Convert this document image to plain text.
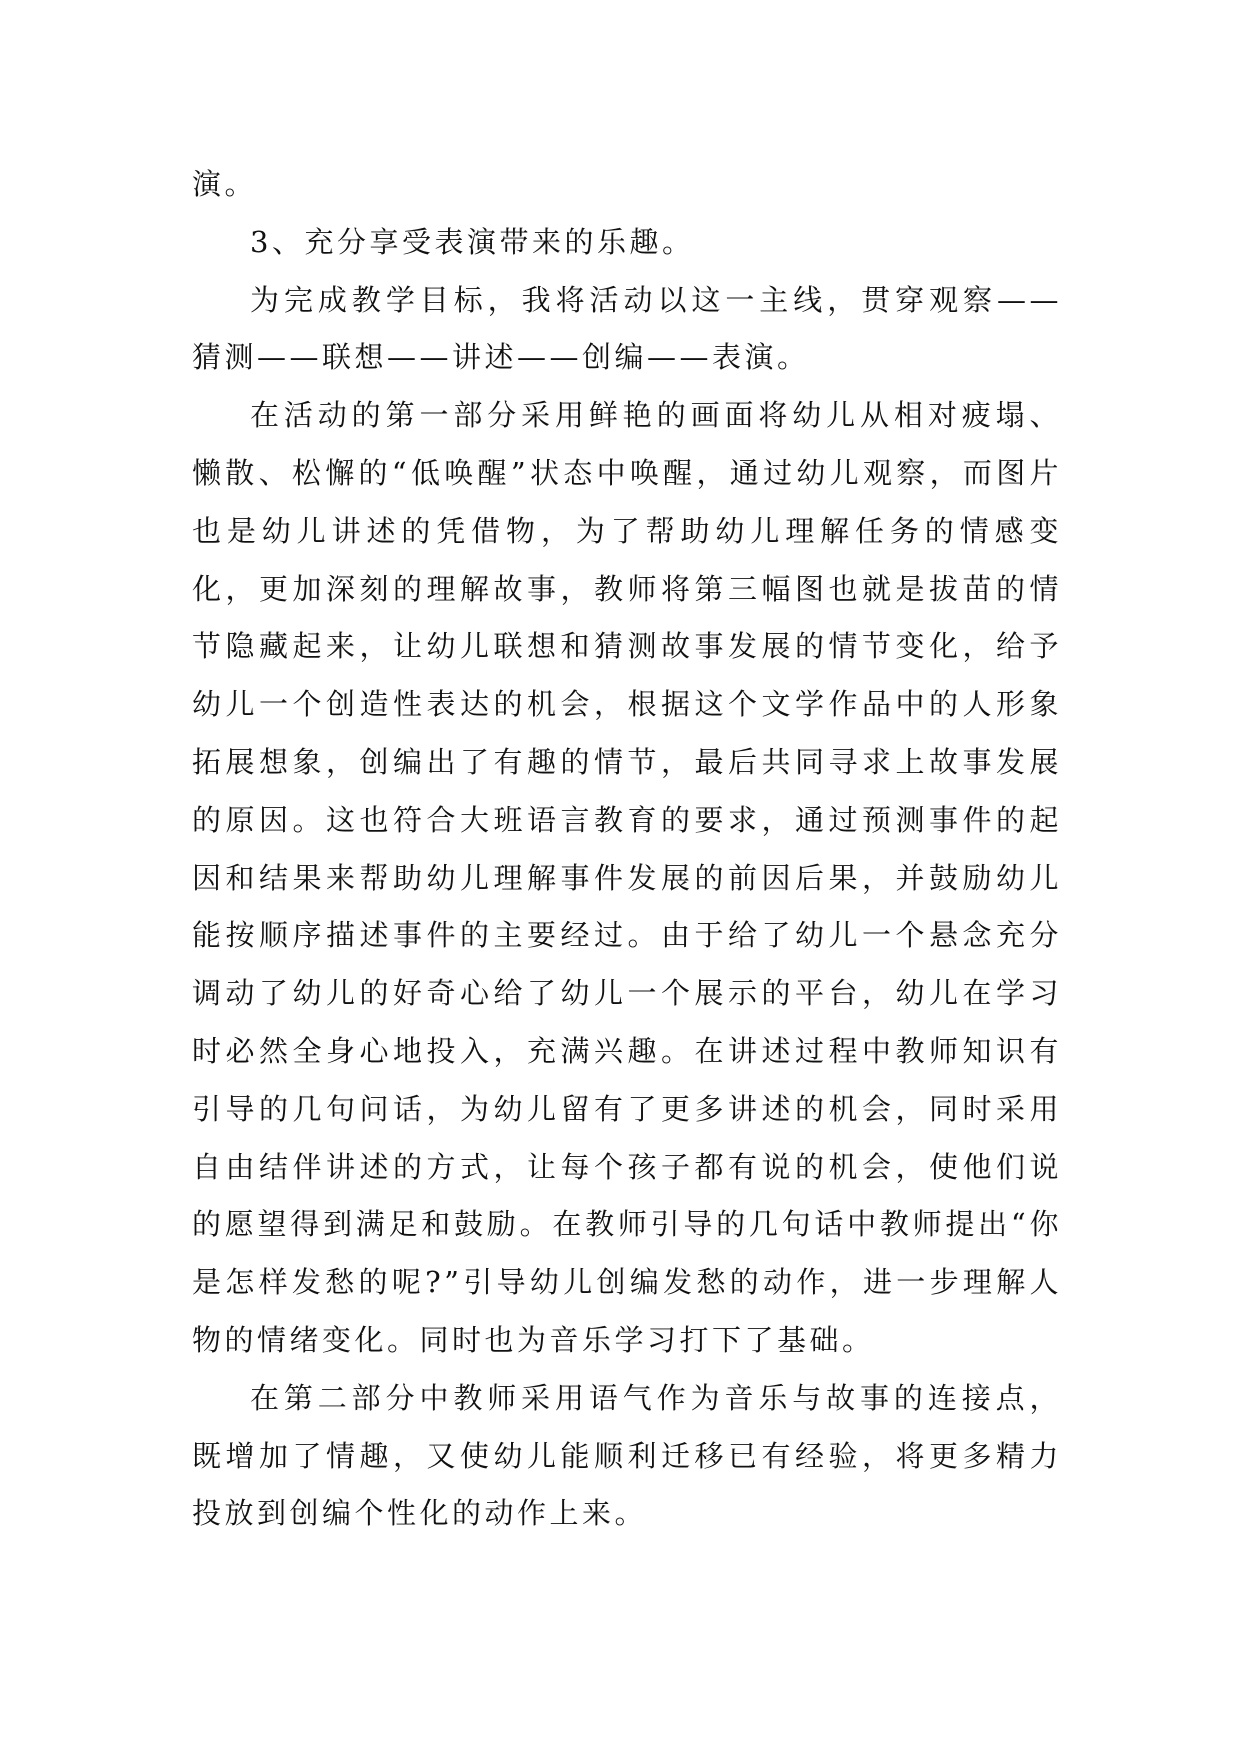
演。

3、充分享受表演带来的乐趣。

为完成教学目标，我将活动以这一主线，贯穿观察——猜测——联想——讲述——创编——表演。

在活动的第一部分采用鲜艳的画面将幼儿从相对疲塌、懒散、松懈的“低唤醒”状态中唤醒，通过幼儿观察，而图片也是幼儿讲述的凭借物，为了帮助幼儿理解任务的情感变化，更加深刻的理解故事，教师将第三幅图也就是拔苗的情节隐藏起来，让幼儿联想和猜测故事发展的情节变化，给予幼儿一个创造性表达的机会，根据这个文学作品中的人形象拓展想象，创编出了有趣的情节，最后共同寻求上故事发展的原因。这也符合大班语言教育的要求，通过预测事件的起因和结果来帮助幼儿理解事件发展的前因后果，并鼓励幼儿能按顺序描述事件的主要经过。由于给了幼儿一个悬念充分调动了幼儿的好奇心给了幼儿一个展示的平台，幼儿在学习时必然全身心地投入，充满兴趣。在讲述过程中教师知识有引导的几句问话，为幼儿留有了更多讲述的机会，同时采用自由结伴讲述的方式，让每个孩子都有说的机会，使他们说的愿望得到满足和鼓励。在教师引导的几句话中教师提出“你是怎样发愁的呢?”引导幼儿创编发愁的动作，进一步理解人物的情绪变化。同时也为音乐学习打下了基础。

在第二部分中教师采用语气作为音乐与故事的连接点，既增加了情趣，又使幼儿能顺利迁移已有经验，将更多精力投放到创编个性化的动作上来。
